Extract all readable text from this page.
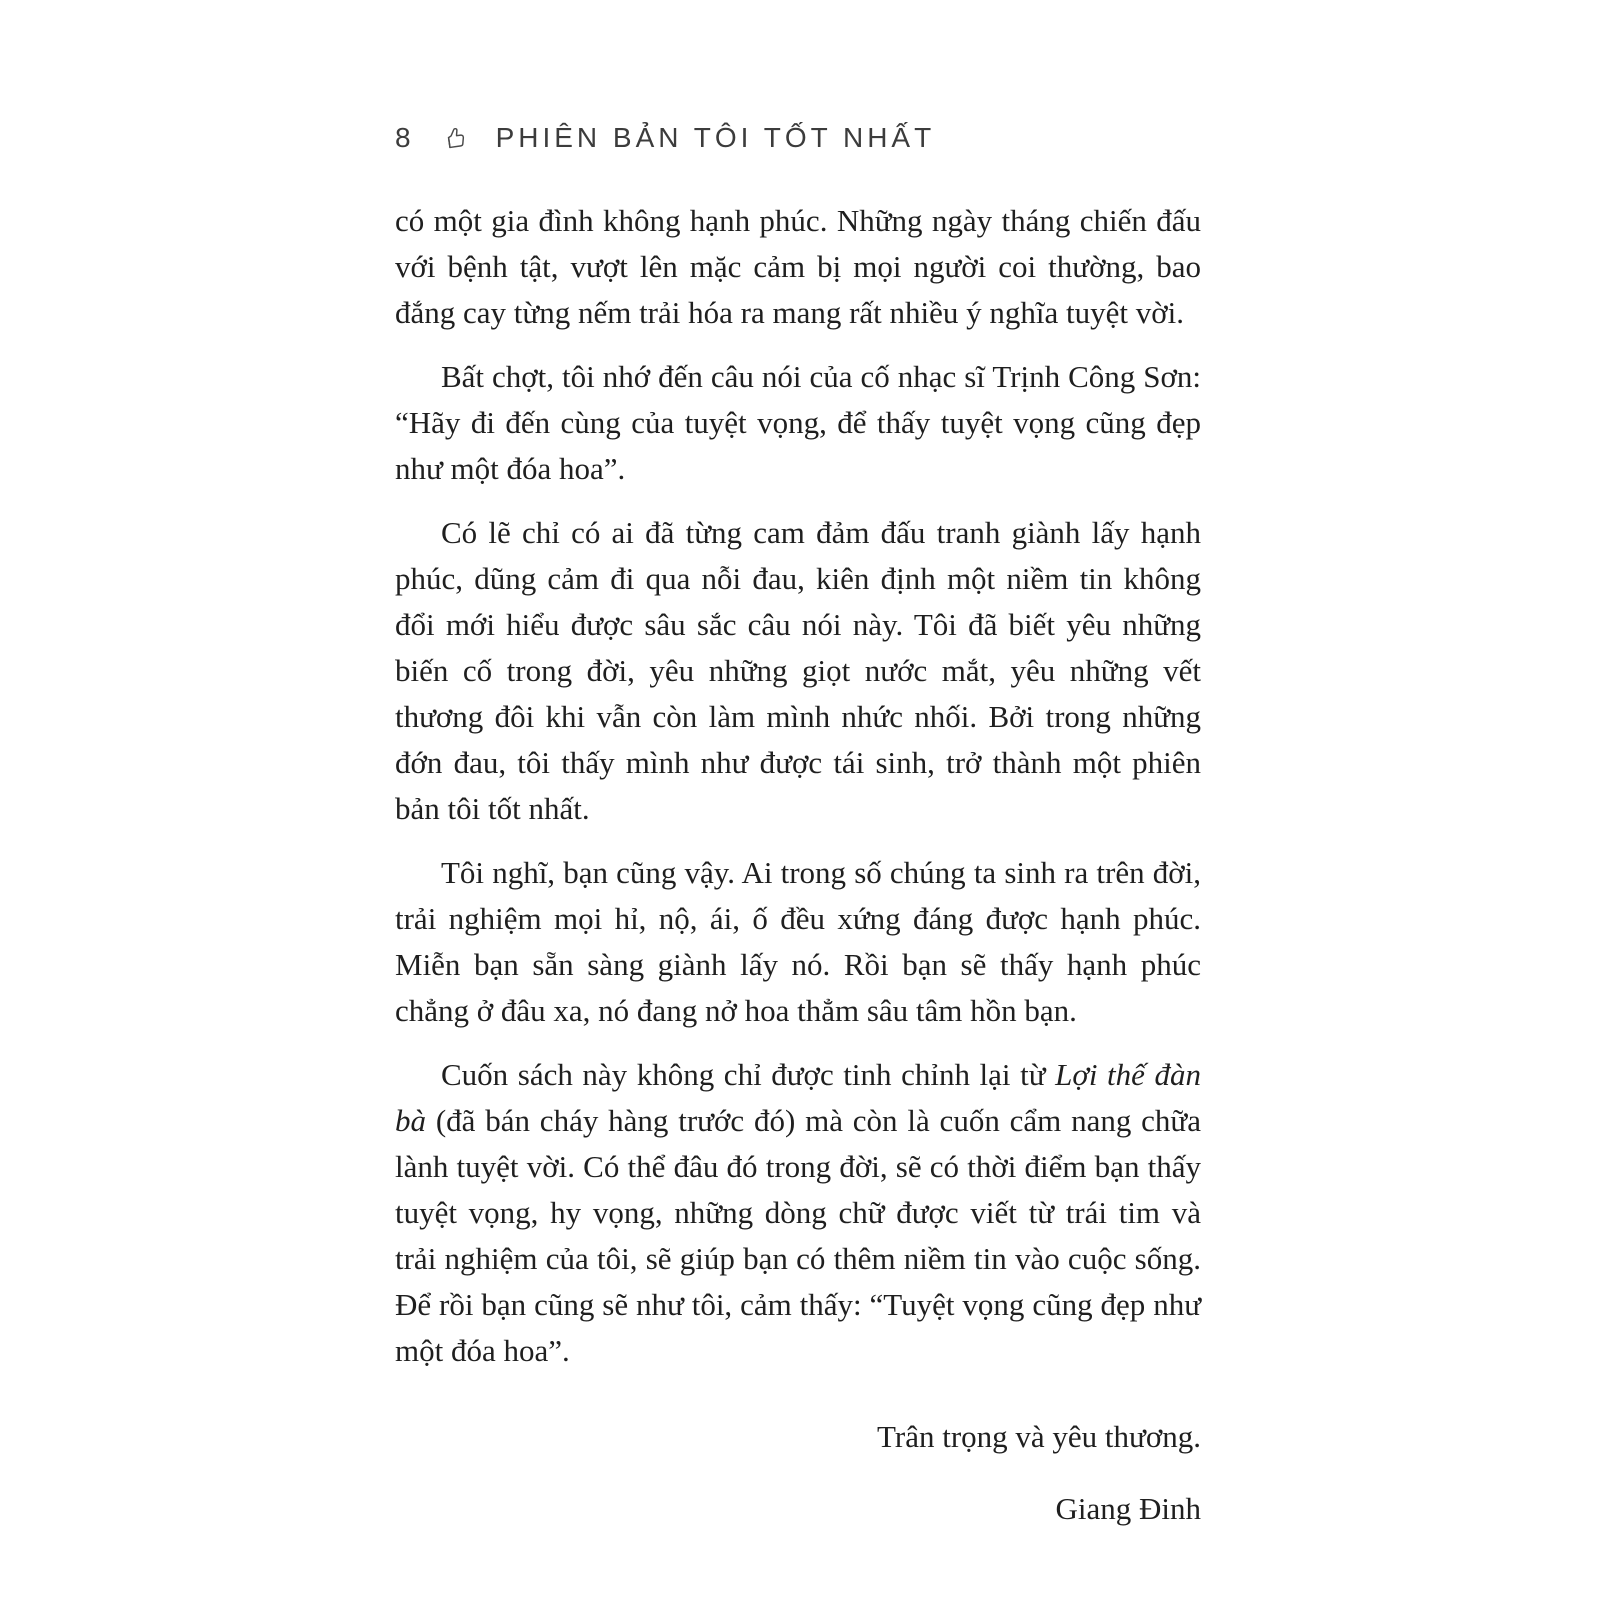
8	PHIÊN BẢN TÔI TỐT NHẤT

có một gia đình không hạnh phúc. Những ngày tháng chiến đấu với bệnh tật, vượt lên mặc cảm bị mọi người coi thường, bao đắng cay từng nếm trải hóa ra mang rất nhiều ý nghĩa tuyệt vời.

Bất chợt, tôi nhớ đến câu nói của cố nhạc sĩ Trịnh Công Sơn: “Hãy đi đến cùng của tuyệt vọng, để thấy tuyệt vọng cũng đẹp như một đóa hoa”.

Có lẽ chỉ có ai đã từng cam đảm đấu tranh giành lấy hạnh phúc, dũng cảm đi qua nỗi đau, kiên định một niềm tin không đổi mới hiểu được sâu sắc câu nói này. Tôi đã biết yêu những biến cố trong đời, yêu những giọt nước mắt, yêu những vết thương đôi khi vẫn còn làm mình nhức nhối. Bởi trong những đớn đau, tôi thấy mình như được tái sinh, trở thành một phiên bản tôi tốt nhất.

Tôi nghĩ, bạn cũng vậy. Ai trong số chúng ta sinh ra trên đời, trải nghiệm mọi hỉ, nộ, ái, ố đều xứng đáng được hạnh phúc. Miễn bạn sẵn sàng giành lấy nó. Rồi bạn sẽ thấy hạnh phúc chẳng ở đâu xa, nó đang nở hoa thẳm sâu tâm hồn bạn.

Cuốn sách này không chỉ được tinh chỉnh lại từ Lợi thế đàn bà (đã bán cháy hàng trước đó) mà còn là cuốn cẩm nang chữa lành tuyệt vời. Có thể đâu đó trong đời, sẽ có thời điểm bạn thấy tuyệt vọng, hy vọng, những dòng chữ được viết từ trái tim và trải nghiệm của tôi, sẽ giúp bạn có thêm niềm tin vào cuộc sống. Để rồi bạn cũng sẽ như tôi, cảm thấy: “Tuyệt vọng cũng đẹp như một đóa hoa”.

Trân trọng và yêu thương.

Giang Đinh
